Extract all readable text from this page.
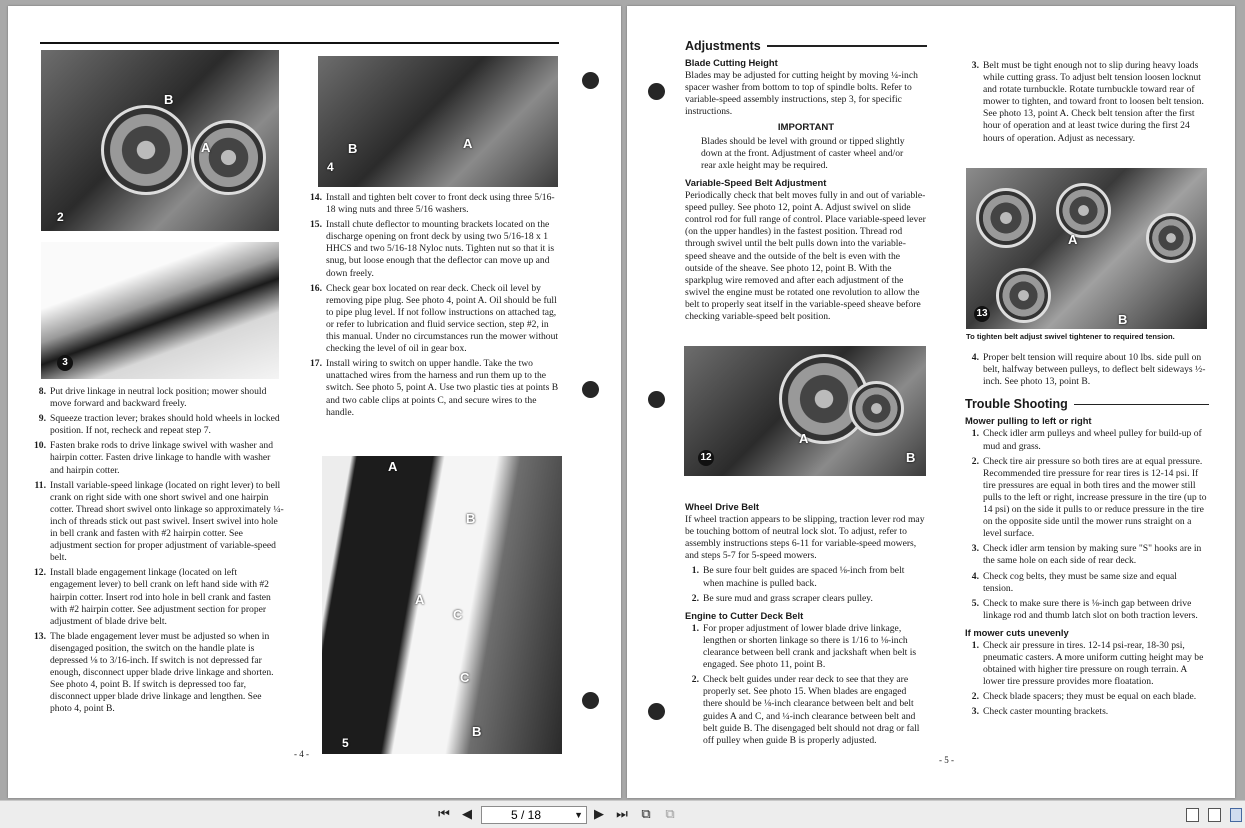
B
A
2
3
B	A
4
A
B
A
C
C
B
5
8. Put drive linkage in neutral lock position; mower should move forward and backward freely.
9. Squeeze traction lever; brakes should hold wheels in locked position. If not, recheck and repeat step 7.
10. Fasten brake rods to drive linkage swivel with washer and hairpin cotter. Fasten drive linkage to handle with washer and hairpin cotter.
11. Install variable-speed linkage (located on right lever) to bell crank on right side with one short swivel and one hairpin cotter. Thread short swivel onto linkage so approximately ¼-inch of threads stick out past swivel. Insert swivel into hole in bell crank and fasten with #2 hairpin cotter. See adjustment section for proper adjustment of variable-speed belt.
12. Install blade engagement linkage (located on left engagement lever) to bell crank on left hand side with #2 hairpin cotter. Insert rod into hole in bell crank and fasten with #2 hairpin cotter. See adjustment section for proper adjustment of blade drive belt.
13. The blade engagement lever must be adjusted so when in disengaged position, the switch on the handle plate is depressed ⅛ to 3/16-inch. If switch is not depressed far enough, disconnect upper blade drive linkage and shorten. See photo 4, point B. If switch is depressed too far, disconnect upper blade drive linkage and lengthen. See photo 4, point B.
14. Install and tighten belt cover to front deck using three 5/16-18 wing nuts and three 5/16 washers.
15. Install chute deflector to mounting brackets located on the discharge opening on front deck by using two 5/16-18 x 1 HHCS and two 5/16-18 Nyloc nuts. Tighten nut so that it is snug, but loose enough that the deflector can move up and down freely.
16. Check gear box located on rear deck. Check oil level by removing pipe plug. See photo 4, point A. Oil should be full to pipe plug level. If not follow instructions on attached tag, or refer to lubrication and fluid service section, step #2, in this manual. Under no circumstances run the mower without checking the level of oil in gear box.
17. Install wiring to switch on upper handle. Take the two unattached wires from the harness and run them up to the switch. See photo 5, point A. Use two plastic ties at points B and two cable clips at points C, and secure wires to the handle.
- 4 -
Adjustments
Blade Cutting Height
Blades may be adjusted for cutting height by moving ¼-inch spacer washer from bottom to top of spindle bolts. Refer to variable-speed assembly instructions, step 3, for specific instructions.
IMPORTANT
Blades should be level with ground or tipped slightly down at the front. Adjustment of caster wheel and/or rear axle height may be required.
Variable-Speed Belt Adjustment
Periodically check that belt moves fully in and out of variable-speed pulley. See photo 12, point A. Adjust swivel on slide control rod for full range of control. Place variable-speed lever (on the upper handles) in the fastest position. Thread rod through swivel until the belt pulls down into the variable-speed sheave and the outside of the belt is even with the outside of the sheave. See photo 12, point B. With the sparkplug wire removed and after each adjustment of the swivel the engine must be rotated one revolution to allow the belt to properly seat itself in the variable-speed sheave before checking variable-speed belt position.
A
B
12
Wheel Drive Belt
If wheel traction appears to be slipping, traction lever rod may be touching bottom of neutral lock slot. To adjust, refer to assembly instructions steps 6-11 for variable-speed mowers, and steps 5-7 for 5-speed mowers.
1. Be sure four belt guides are spaced ⅛-inch from belt when machine is pulled back.
2. Be sure mud and grass scraper clears pulley.
Engine to Cutter Deck Belt
1. For proper adjustment of lower blade drive linkage, lengthen or shorten linkage so there is 1/16 to ⅛-inch clearance between bell crank and jackshaft when belt is engaged. See photo 11, point B.
2. Check belt guides under rear deck to see that they are properly set. See photo 15. When blades are engaged there should be ⅛-inch clearance between belt and belt guides A and C, and ¼-inch clearance between belt and belt guide B. The disengaged belt should not drag or fall off pulley when guide B is properly adjusted.
3. Belt must be tight enough not to slip during heavy loads while cutting grass. To adjust belt tension loosen locknut and rotate turnbuckle. Rotate turnbuckle toward rear of mower to tighten, and toward front to loosen belt tension. See photo 13, point A. Check belt tension after the first hour of operation and at least twice during the first 24 hours of operation. Adjust as necessary.
A
B
13
To tighten belt adjust swivel tightener to required tension.
4. Proper belt tension will require about 10 lbs. side pull on belt, halfway between pulleys, to deflect belt sideways ½-inch. See photo 13, point B.
Trouble Shooting
Mower pulling to left or right
1. Check idler arm pulleys and wheel pulley for build-up of mud and grass.
2. Check tire air pressure so both tires are at equal pressure. Recommended tire pressure for rear tires is 12-14 psi. If tire pressures are equal in both tires and the mower still pulls to the left or right, increase pressure in the tire (up to 14 psi) on the side it pulls to or reduce pressure in the tire on the opposite side until the mower runs straight on a level surface.
3. Check idler arm tension by making sure "S" hooks are in the same hole on each side of rear deck.
4. Check cog belts, they must be same size and equal tension.
5. Check to make sure there is ⅛-inch gap between drive linkage rod and thumb latch slot on both traction levers.
If mower cuts unevenly
1. Check air pressure in tires. 12-14 psi-rear, 18-30 psi, pneumatic casters. A more uniform cutting height may be obtained with higher tire pressure on rough terrain. A lower tire pressure provides more floatation.
2. Check blade spacers; they must be equal on each blade.
3. Check caster mounting brackets.
- 5 -
⏮ ◀
5 / 18	▼ ▶ ⏭ ⧉ ⧉
